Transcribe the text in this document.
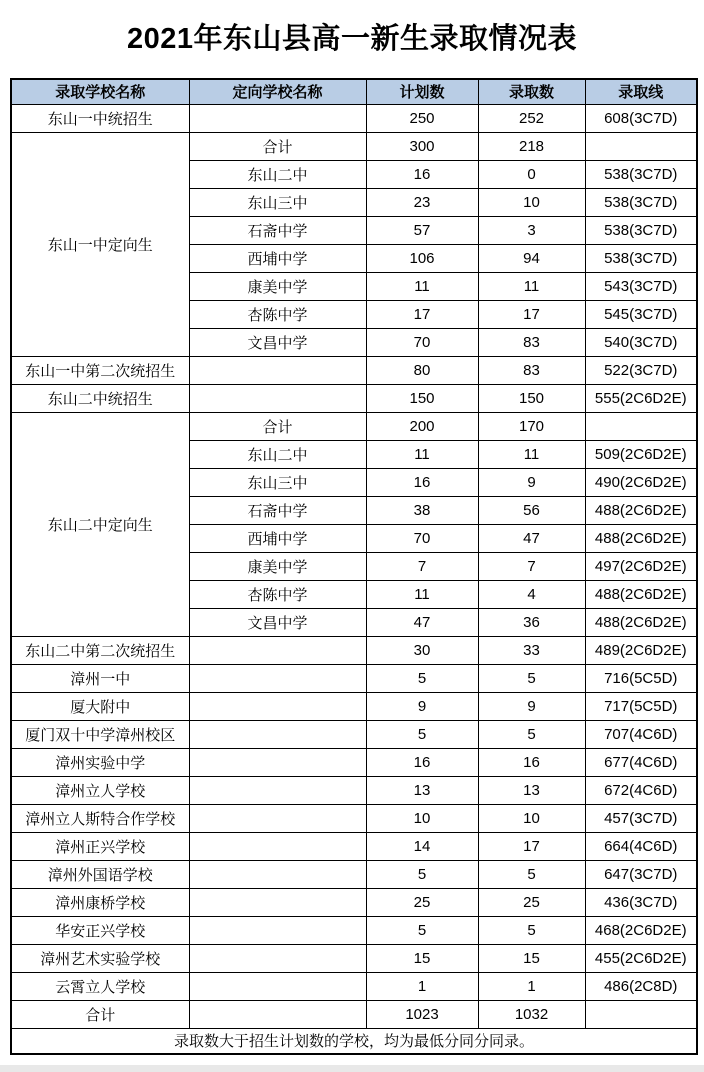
2021年东山县高一新生录取情况表
录取学校名称	定向学校名称	计划数	录取数	录取线
东山一中统招生		250	252	608(3C7D)
东山一中定向生	合计	300	218	
	东山二中	16	0	538(3C7D)
	东山三中	23	10	538(3C7D)
	石斋中学	57	3	538(3C7D)
	西埔中学	106	94	538(3C7D)
	康美中学	11	11	543(3C7D)
	杏陈中学	17	17	545(3C7D)
	文昌中学	70	83	540(3C7D)
东山一中第二次统招生		80	83	522(3C7D)
东山二中统招生		150	150	555(2C6D2E)
东山二中定向生	合计	200	170	
	东山二中	11	11	509(2C6D2E)
	东山三中	16	9	490(2C6D2E)
	石斋中学	38	56	488(2C6D2E)
	西埔中学	70	47	488(2C6D2E)
	康美中学	7	7	497(2C6D2E)
	杏陈中学	11	4	488(2C6D2E)
	文昌中学	47	36	488(2C6D2E)
东山二中第二次统招生		30	33	489(2C6D2E)
漳州一中		5	5	716(5C5D)
厦大附中		9	9	717(5C5D)
厦门双十中学漳州校区		5	5	707(4C6D)
漳州实验中学		16	16	677(4C6D)
漳州立人学校		13	13	672(4C6D)
漳州立人斯特合作学校		10	10	457(3C7D)
漳州正兴学校		14	17	664(4C6D)
漳州外国语学校		5	5	647(3C7D)
漳州康桥学校		25	25	436(3C7D)
华安正兴学校		5	5	468(2C6D2E)
漳州艺术实验学校		15	15	455(2C6D2E)
云霄立人学校		1	1	486(2C8D)
合计		1023	1032	
录取数大于招生计划数的学校，均为最低分同分同录。				
